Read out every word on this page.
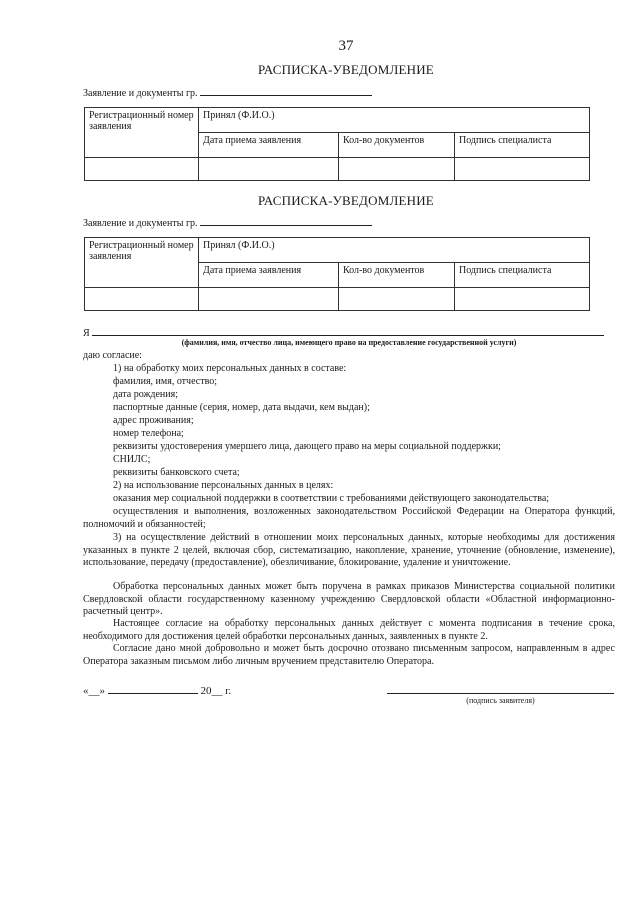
37
РАСПИСКА-УВЕДОМЛЕНИЕ
Заявление и документы гр.
Регистрационный номер заявления	Принял (Ф.И.О.)		
	Дата приема заявления	Кол-во документов	Подпись специалиста

РАСПИСКА-УВЕДОМЛЕНИЕ
Заявление и документы гр.
Регистрационный номер заявления	Принял (Ф.И.О.)		
	Дата приема заявления	Кол-во документов	Подпись специалиста

Я
(фамилия, имя, отчество лица, имеющего право на предоставление государственной услуги)
даю согласие:
1) на обработку моих персональных данных в составе:
фамилия, имя, отчество;
дата рождения;
паспортные данные (серия, номер, дата выдачи, кем выдан);
адрес проживания;
номер телефона;
реквизиты удостоверения умершего лица, дающего право на меры социальной поддержки;
СНИЛС;
реквизиты банковского счета;
2) на использование персональных данных в целях:
оказания мер социальной поддержки в соответствии с требованиями действующего законодательства;
осуществления и выполнения, возложенных законодательством Российской Федерации на Оператора функций, полномочий и обязанностей;
3) на осуществление действий в отношении моих персональных данных, которые необходимы для достижения указанных в пункте 2 целей, включая сбор, систематизацию, накопление, хранение, уточнение (обновление, изменение), использование, передачу (предоставление), обезличивание, блокирование, удаление и уничтожение.
Обработка персональных данных может быть поручена в рамках приказов Министерства социальной политики Свердловской области государственному казенному учреждению Свердловской области «Областной информационно-расчетный центр».
Настоящее согласие на обработку персональных данных действует с момента подписания в течение срока, необходимого для достижения целей обработки персональных данных, заявленных в пункте 2.
Согласие дано мной добровольно и может быть досрочно отозвано письменным запросом, направленным в адрес Оператора заказным письмом либо личным вручением представителю Оператора.
«__»	20__ г.
(подпись заявителя)
